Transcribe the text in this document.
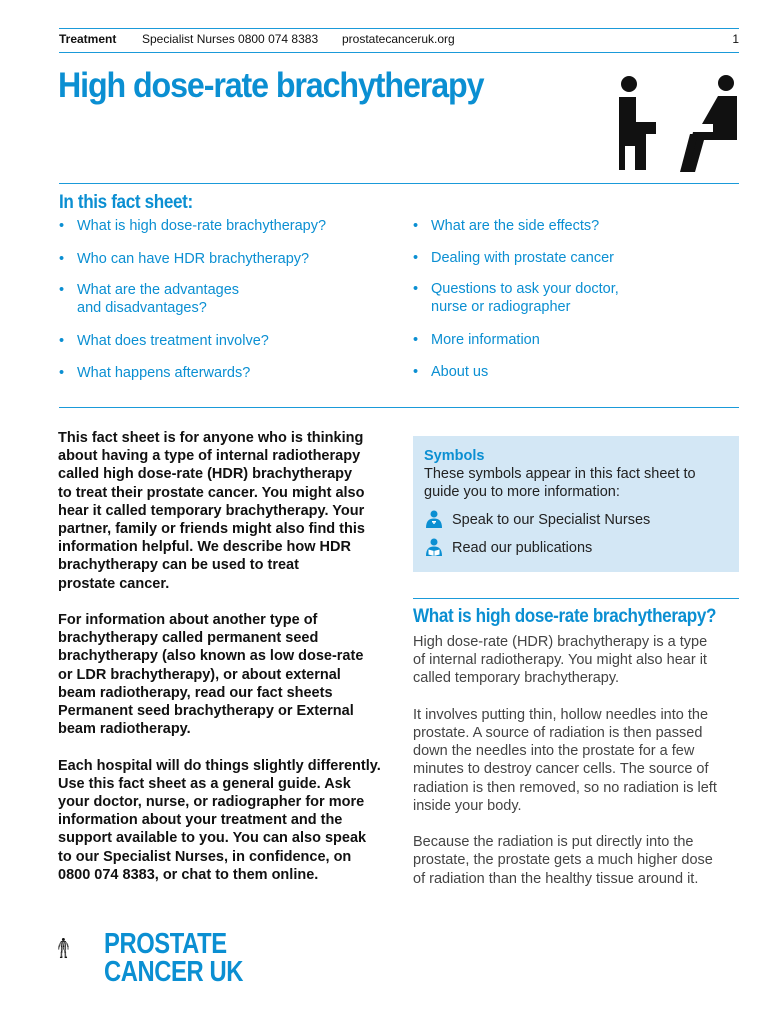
Treatment Specialist Nurses 0800 074 8383 prostatecanceruk.org	1
High dose-rate brachytherapy
In this fact sheet:
• What is high dose-rate brachytherapy?
• Who can have HDR brachytherapy?
• What are the advantages
and disadvantages?
• What does treatment involve?
• What happens afterwards?
• What are the side effects?
• Dealing with prostate cancer
• Questions to ask your doctor,
nurse or radiographer
• More information
• About us

This fact sheet is for anyone who is thinking
about having a type of internal radiotherapy
called high dose-rate (HDR) brachytherapy
to treat their prostate cancer. You might also
hear it called temporary brachytherapy. Your
partner, family or friends might also find this
information helpful. We describe how HDR
brachytherapy can be used to treat
prostate cancer.

For information about another type of
brachytherapy called permanent seed
brachytherapy (also known as low dose-rate
or LDR brachytherapy), or about external
beam radiotherapy, read our fact sheets
Permanent seed brachytherapy or External
beam radiotherapy.

Each hospital will do things slightly differently.
Use this fact sheet as a general guide. Ask
your doctor, nurse, or radiographer for more
information about your treatment and the
support available to you. You can also speak
to our Specialist Nurses, in confidence, on
0800 074 8383, or chat to them online.

Symbols
These symbols appear in this fact sheet to
guide you to more information:
Speak to our Specialist Nurses
Read our publications
What is high dose-rate brachytherapy?

High dose-rate (HDR) brachytherapy is a type
of internal radiotherapy. You might also hear it
called temporary brachytherapy.

It involves putting thin, hollow needles into the
prostate. A source of radiation is then passed
down the needles into the prostate for a few
minutes to destroy cancer cells. The source of
radiation is then removed, so no radiation is left
inside your body.

Because the radiation is put directly into the
prostate, the prostate gets a much higher dose
of radiation than the healthy tissue around it.

PROSTATE
CANCER UK
